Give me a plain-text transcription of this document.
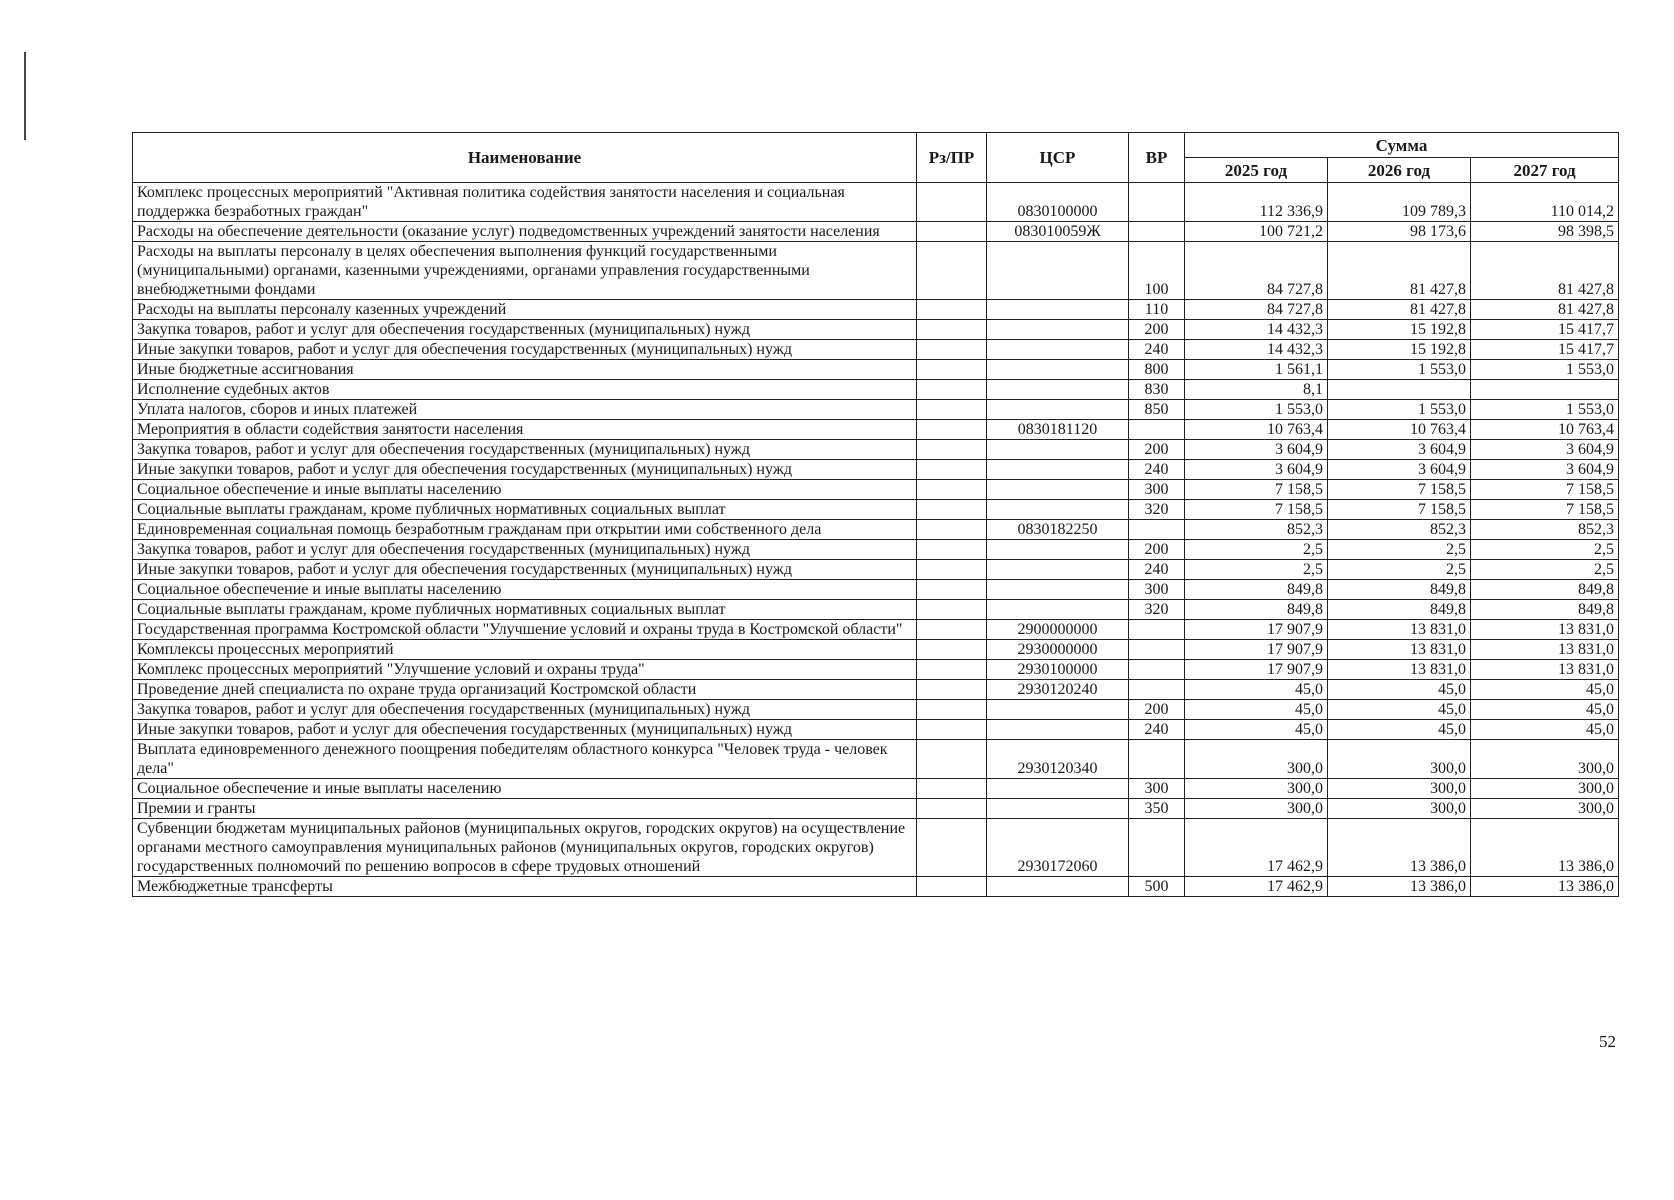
Наименование	Рз/ПР	ЦСР	ВР	Сумма		
				2025 год	2026 год	2027 год
Комплекс процессных мероприятий "Активная политика содействия занятости населения и социальная поддержка безработных граждан"		0830100000		112 336,9	109 789,3	110 014,2
Расходы на обеспечение деятельности (оказание услуг) подведомственных учреждений занятости населения		083010059Ж		100 721,2	98 173,6	98 398,5
Расходы на выплаты персоналу в целях обеспечения выполнения функций государственными (муниципальными) органами, казенными учреждениями, органами управления государственными внебюджетными фондами			100	84 727,8	81 427,8	81 427,8
Расходы на выплаты персоналу казенных учреждений			110	84 727,8	81 427,8	81 427,8
Закупка товаров, работ и услуг для обеспечения государственных (муниципальных) нужд			200	14 432,3	15 192,8	15 417,7
Иные закупки товаров, работ и услуг для обеспечения государственных (муниципальных) нужд			240	14 432,3	15 192,8	15 417,7
Иные бюджетные ассигнования			800	1 561,1	1 553,0	1 553,0
Исполнение судебных актов			830	8,1		
Уплата налогов, сборов и иных платежей			850	1 553,0	1 553,0	1 553,0
Мероприятия в области содействия занятости населения		0830181120		10 763,4	10 763,4	10 763,4
Закупка товаров, работ и услуг для обеспечения государственных (муниципальных) нужд			200	3 604,9	3 604,9	3 604,9
Иные закупки товаров, работ и услуг для обеспечения государственных (муниципальных) нужд			240	3 604,9	3 604,9	3 604,9
Социальное обеспечение и иные выплаты населению			300	7 158,5	7 158,5	7 158,5
Социальные выплаты гражданам, кроме публичных нормативных социальных выплат			320	7 158,5	7 158,5	7 158,5
Единовременная социальная помощь безработным гражданам при открытии ими собственного дела		0830182250		852,3	852,3	852,3
Закупка товаров, работ и услуг для обеспечения государственных (муниципальных) нужд			200	2,5	2,5	2,5
Иные закупки товаров, работ и услуг для обеспечения государственных (муниципальных) нужд			240	2,5	2,5	2,5
Социальное обеспечение и иные выплаты населению			300	849,8	849,8	849,8
Социальные выплаты гражданам, кроме публичных нормативных социальных выплат			320	849,8	849,8	849,8
Государственная программа Костромской области "Улучшение условий и охраны труда в Костромской области"		2900000000		17 907,9	13 831,0	13 831,0
Комплексы процессных мероприятий		2930000000		17 907,9	13 831,0	13 831,0
Комплекс процессных мероприятий "Улучшение условий и охраны труда"		2930100000		17 907,9	13 831,0	13 831,0
Проведение дней специалиста по охране труда организаций Костромской области		2930120240		45,0	45,0	45,0
Закупка товаров, работ и услуг для обеспечения государственных (муниципальных) нужд			200	45,0	45,0	45,0
Иные закупки товаров, работ и услуг для обеспечения государственных (муниципальных) нужд			240	45,0	45,0	45,0
Выплата единовременного денежного поощрения победителям областного конкурса "Человек труда - человек дела"		2930120340		300,0	300,0	300,0
Социальное обеспечение и иные выплаты населению			300	300,0	300,0	300,0
Премии и гранты			350	300,0	300,0	300,0
Субвенции бюджетам муниципальных районов (муниципальных округов, городских округов) на осуществление органами местного самоуправления муниципальных районов (муниципальных округов, городских округов) государственных полномочий по решению вопросов в сфере трудовых отношений		2930172060		17 462,9	13 386,0	13 386,0
Межбюджетные трансферты			500	17 462,9	13 386,0	13 386,0
52
